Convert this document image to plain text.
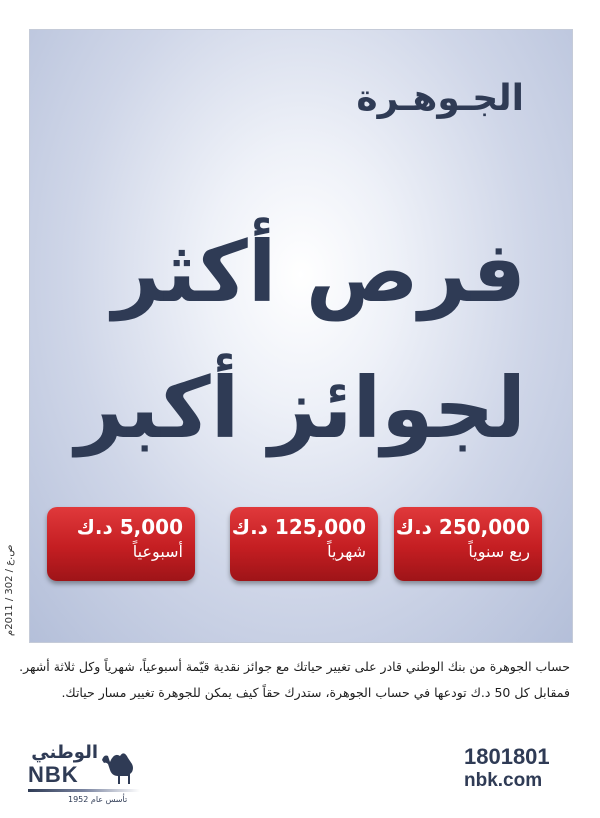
الجـوهـرة
فرص أكثر
لجوائز أكبر
250,000 د.ك
ربع سنوياً
125,000 د.ك
شهرياً
5,000 د.ك
أسبوعياً
ص.ع / 302 / 2011م
حساب الجوهرة من بنك الوطني قادر على تغيير حياتك مع جوائز نقدية قيّمة أسبوعياً، شهرياً وكل ثلاثة أشهر.
فمقابل كل 50 د.ك تودعها في حساب الجوهرة، ستدرك حقاً كيف يمكن للجوهرة تغيير مسار حياتك.
1801801
nbk.com
الوطني
NBK
تأسس عام 1952
